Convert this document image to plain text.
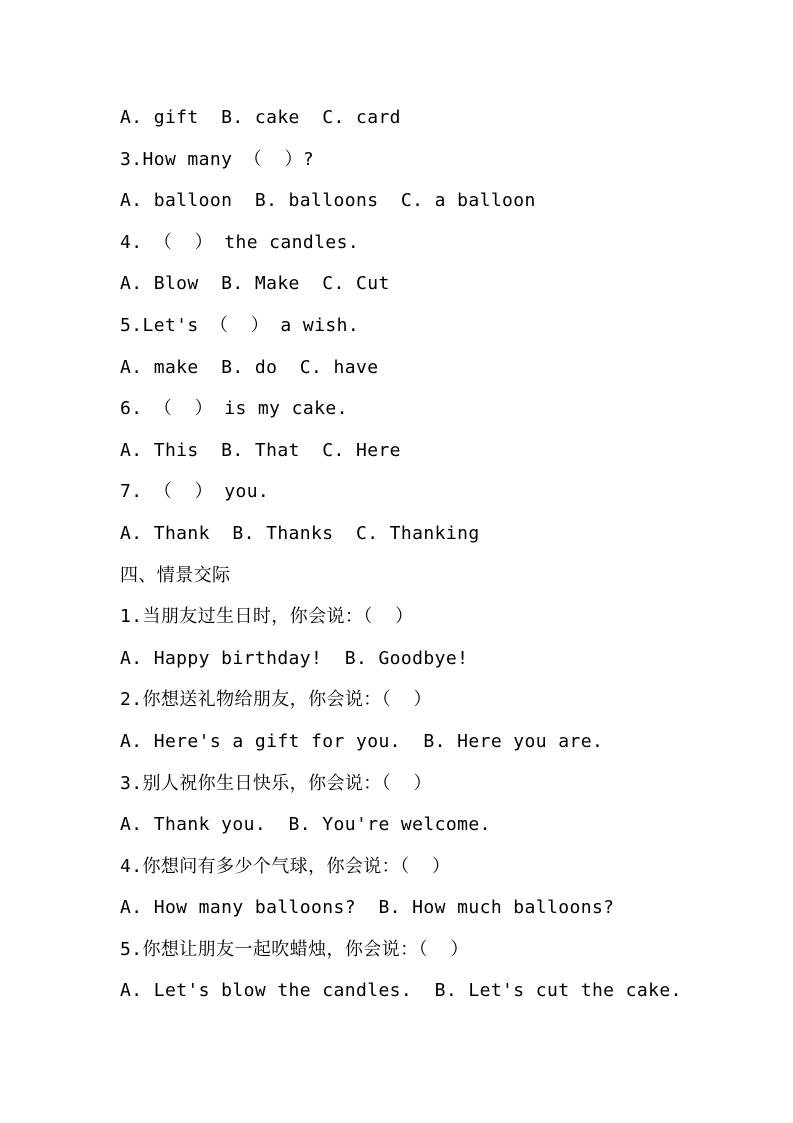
A. gift  B. cake  C. card
3.How many （  ）?
A. balloon  B. balloons  C. a balloon
4. （  ） the candles.
A. Blow  B. Make  C. Cut
5.Let's （  ） a wish.
A. make  B. do  C. have
6. （  ） is my cake.
A. This  B. That  C. Here
7. （  ） you.
A. Thank  B. Thanks  C. Thanking
四、情景交际
1.当朋友过生日时，你会说：（  ）
A. Happy birthday!  B. Goodbye!
2.你想送礼物给朋友，你会说：（  ）
A. Here's a gift for you.  B. Here you are.
3.别人祝你生日快乐，你会说：（  ）
A. Thank you.  B. You're welcome.
4.你想问有多少个气球，你会说：（  ）
A. How many balloons?  B. How much balloons?
5.你想让朋友一起吹蜡烛，你会说：（  ）
A. Let's blow the candles.  B. Let's cut the cake.
